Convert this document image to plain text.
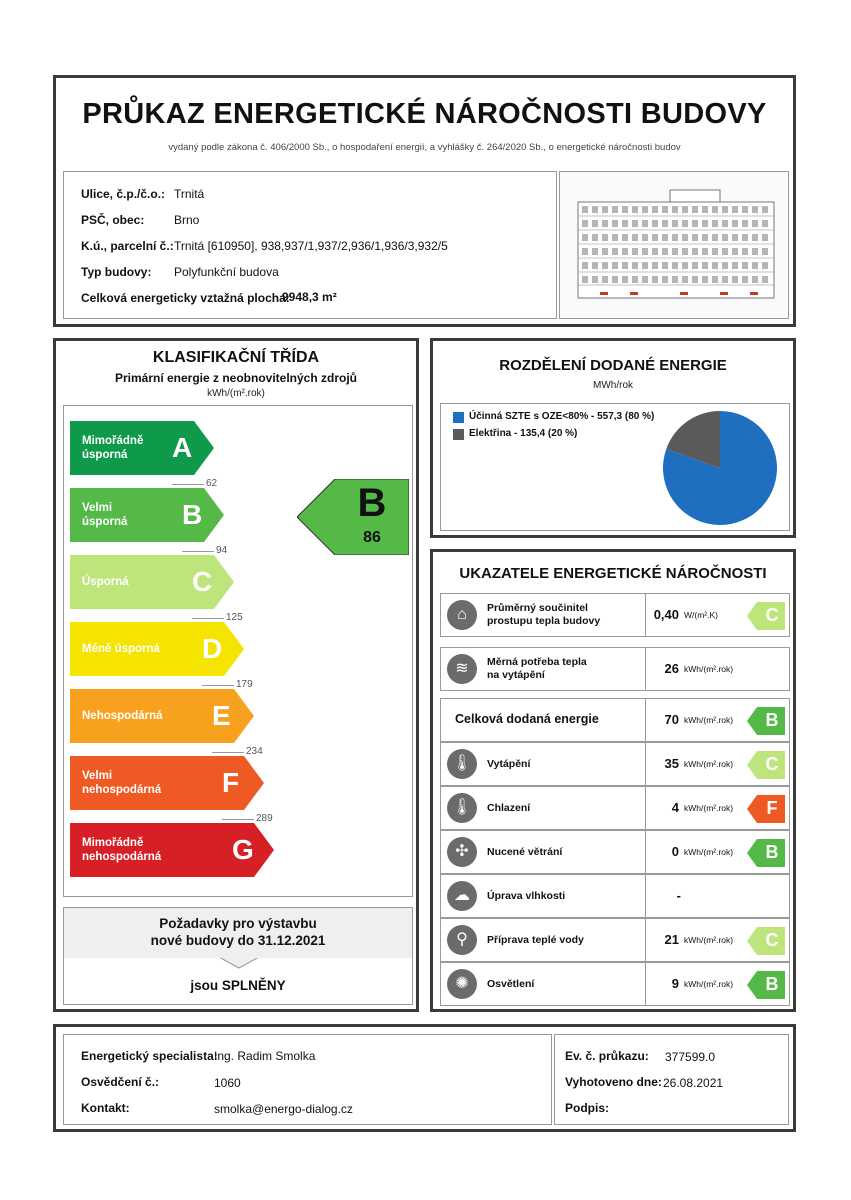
PRŮKAZ ENERGETICKÉ NÁROČNOSTI BUDOVY
vydaný podle zákona č. 406/2000 Sb., o hospodaření energií, a vyhlášky č. 264/2020 Sb., o energetické náročnosti budov
Ulice, č.p./č.o.: Trnitá
PSČ, obec: Brno
K.ú., parcelní č.: Trnitá [610950], 938,937/1,937/2,936/1,936/3,932/5
Typ budovy: Polyfunkční budova
Celková energeticky vztažná plocha:
9948,3 m²
KLASIFIKAČNÍ TŘÍDA
Primární energie z neobnovitelných zdrojů
kWh/(m².rok)
Mimořádně
úsporná	A
Velmi
úsporná B
Úsporná C
Méně úsporná D
Nehospodárná E
Velmi
nehospodárná F
Mimořádně
nehospodárná	G
62
94
125
179
234
289
B
86
Požadavky pro výstavbu
nové budovy do 31.12.2021
jsou SPLNĚNY
ROZDĚLENÍ DODANÉ ENERGIE
MWh/rok
Účinná SZTE s OZE<80% - 557,3 (80 %)
Elektřina - 135,4 (20 %)
UKAZATELE ENERGETICKÉ NÁROČNOSTI
⌂	Průměrný součinitel
prostupu tepla budovy	0,40 W/(m².K)	C
≋	Měrná potřeba tepla
na vytápění	26 kWh/(m².rok)
Celková dodaná energie	70 kWh/(m².rok)	B
🌡	Vytápění	35 kWh/(m².rok)	C
🌡	Chlazení	4 kWh/(m².rok)	F
✣	Nucené větrání	0 kWh/(m².rok)	B
☁	Úprava vlhkosti	-
⚲	Příprava teplé vody	21 kWh/(m².rok)	C
✺	Osvětlení	9 kWh/(m².rok)	B
Energetický specialista:
Ing. Radim Smolka
Osvědčení č.:	1060
Kontakt:	smolka@energo-dialog.cz
Ev. č. průkazu: 377599.0
Vyhotoveno dne: 26.08.2021
Podpis:
